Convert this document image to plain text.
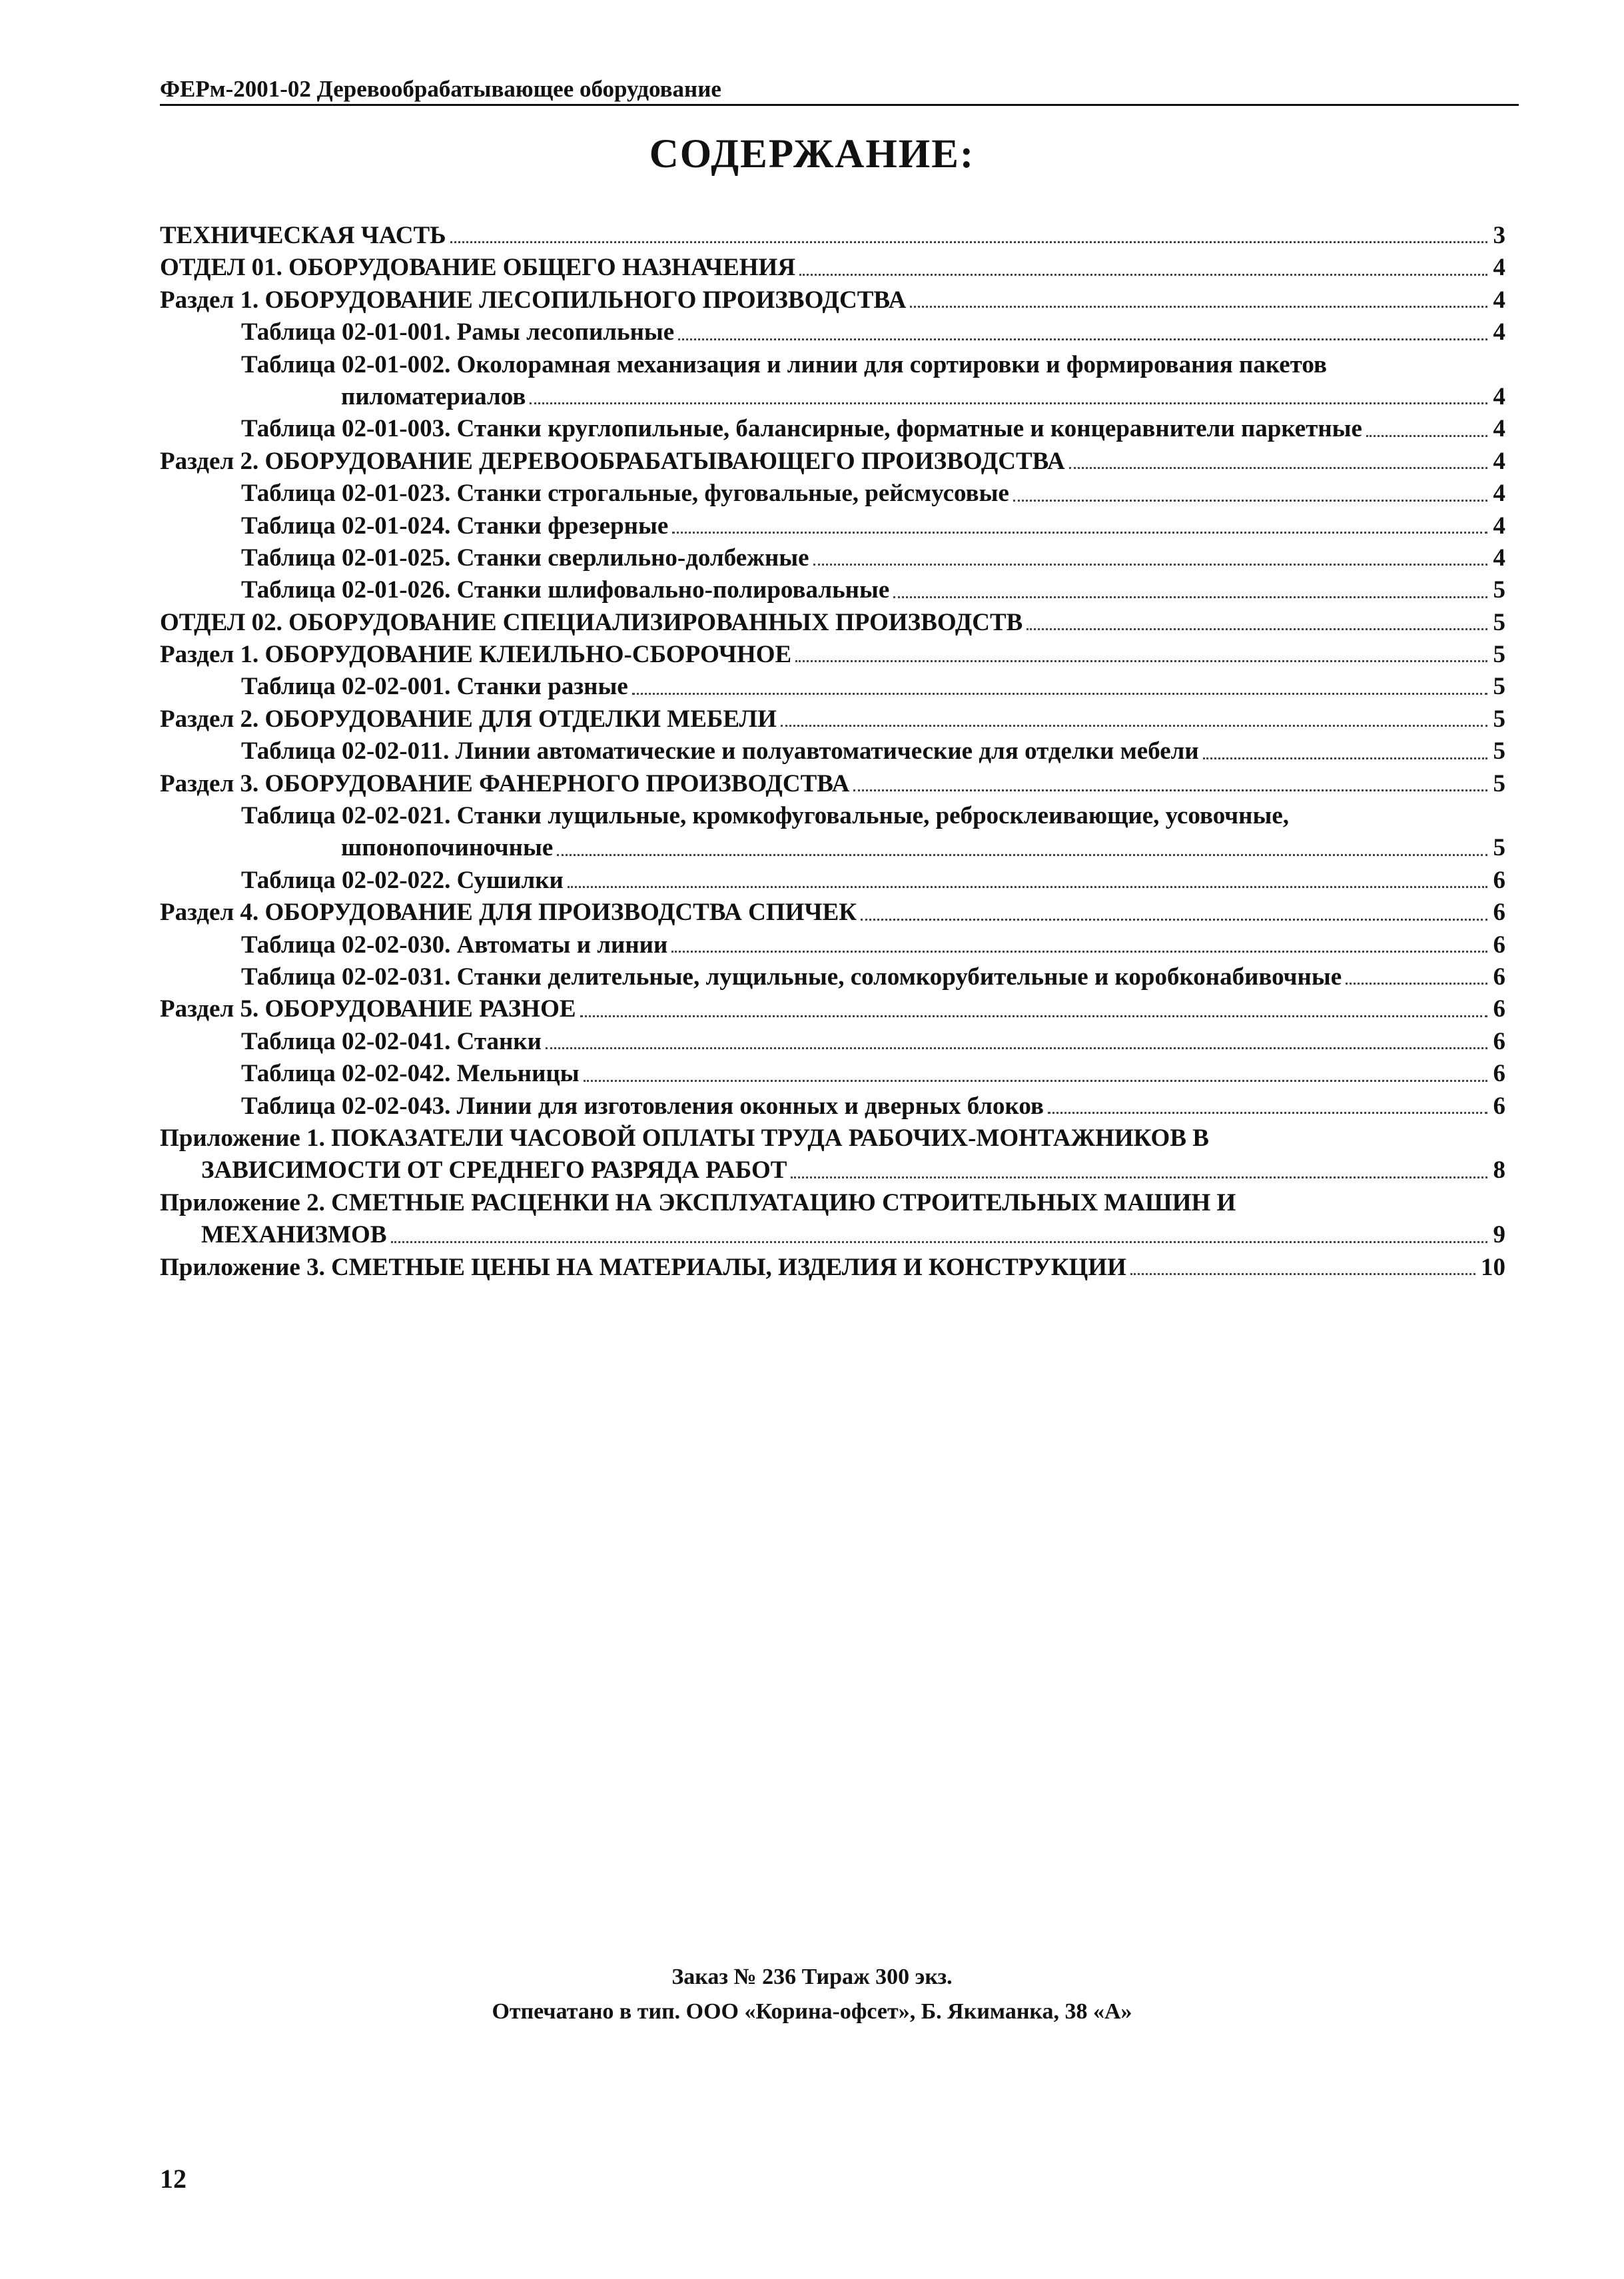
ФЕРм-2001-02 Деревообрабатывающее оборудование
СОДЕРЖАНИЕ:
ТЕХНИЧЕСКАЯ ЧАСТЬ	3
ОТДЕЛ 01. ОБОРУДОВАНИЕ ОБЩЕГО НАЗНАЧЕНИЯ	4
Раздел 1. ОБОРУДОВАНИЕ ЛЕСОПИЛЬНОГО ПРОИЗВОДСТВА	4
Таблица 02-01-001. Рамы лесопильные	4
Таблица 02-01-002. Околорамная механизация и линии для сортировки и формирования пакетов
пиломатериалов	4
Таблица 02-01-003. Станки круглопильные, балансирные, форматные и концеравнители паркетные	4
Раздел 2. ОБОРУДОВАНИЕ ДЕРЕВООБРАБАТЫВАЮЩЕГО ПРОИЗВОДСТВА	4
Таблица 02-01-023. Станки строгальные, фуговальные, рейсмусовые	4
Таблица 02-01-024. Станки фрезерные	4
Таблица 02-01-025. Станки сверлильно-долбежные	4
Таблица 02-01-026. Станки шлифовально-полировальные	5
ОТДЕЛ 02. ОБОРУДОВАНИЕ СПЕЦИАЛИЗИРОВАННЫХ ПРОИЗВОДСТВ	5
Раздел 1. ОБОРУДОВАНИЕ КЛЕИЛЬНО-СБОРОЧНОЕ	5
Таблица 02-02-001. Станки разные	5
Раздел 2. ОБОРУДОВАНИЕ ДЛЯ ОТДЕЛКИ МЕБЕЛИ	5
Таблица 02-02-011. Линии автоматические и полуавтоматические для отделки мебели	5
Раздел 3. ОБОРУДОВАНИЕ ФАНЕРНОГО ПРОИЗВОДСТВА	5
Таблица 02-02-021. Станки лущильные, кромкофуговальные, ребросклеивающие, усовочные,
шпонопочиночные	5
Таблица 02-02-022. Сушилки	6
Раздел 4. ОБОРУДОВАНИЕ ДЛЯ ПРОИЗВОДСТВА СПИЧЕК	6
Таблица 02-02-030. Автоматы и линии	6
Таблица 02-02-031. Станки делительные, лущильные, соломкорубительные и коробконабивочные	6
Раздел 5. ОБОРУДОВАНИЕ РАЗНОЕ	6
Таблица 02-02-041. Станки	6
Таблица 02-02-042. Мельницы	6
Таблица 02-02-043. Линии для изготовления оконных и дверных блоков	6
Приложение 1. ПОКАЗАТЕЛИ ЧАСОВОЙ ОПЛАТЫ ТРУДА РАБОЧИХ-МОНТАЖНИКОВ В
ЗАВИСИМОСТИ ОТ СРЕДНЕГО РАЗРЯДА РАБОТ	8
Приложение 2. СМЕТНЫЕ РАСЦЕНКИ НА ЭКСПЛУАТАЦИЮ СТРОИТЕЛЬНЫХ МАШИН И
МЕХАНИЗМОВ	9
Приложение 3. СМЕТНЫЕ ЦЕНЫ НА МАТЕРИАЛЫ, ИЗДЕЛИЯ И КОНСТРУКЦИИ	10
Заказ № 236 Тираж 300 экз.
Отпечатано в тип. ООО «Корина-офсет», Б. Якиманка, 38 «А»
12
